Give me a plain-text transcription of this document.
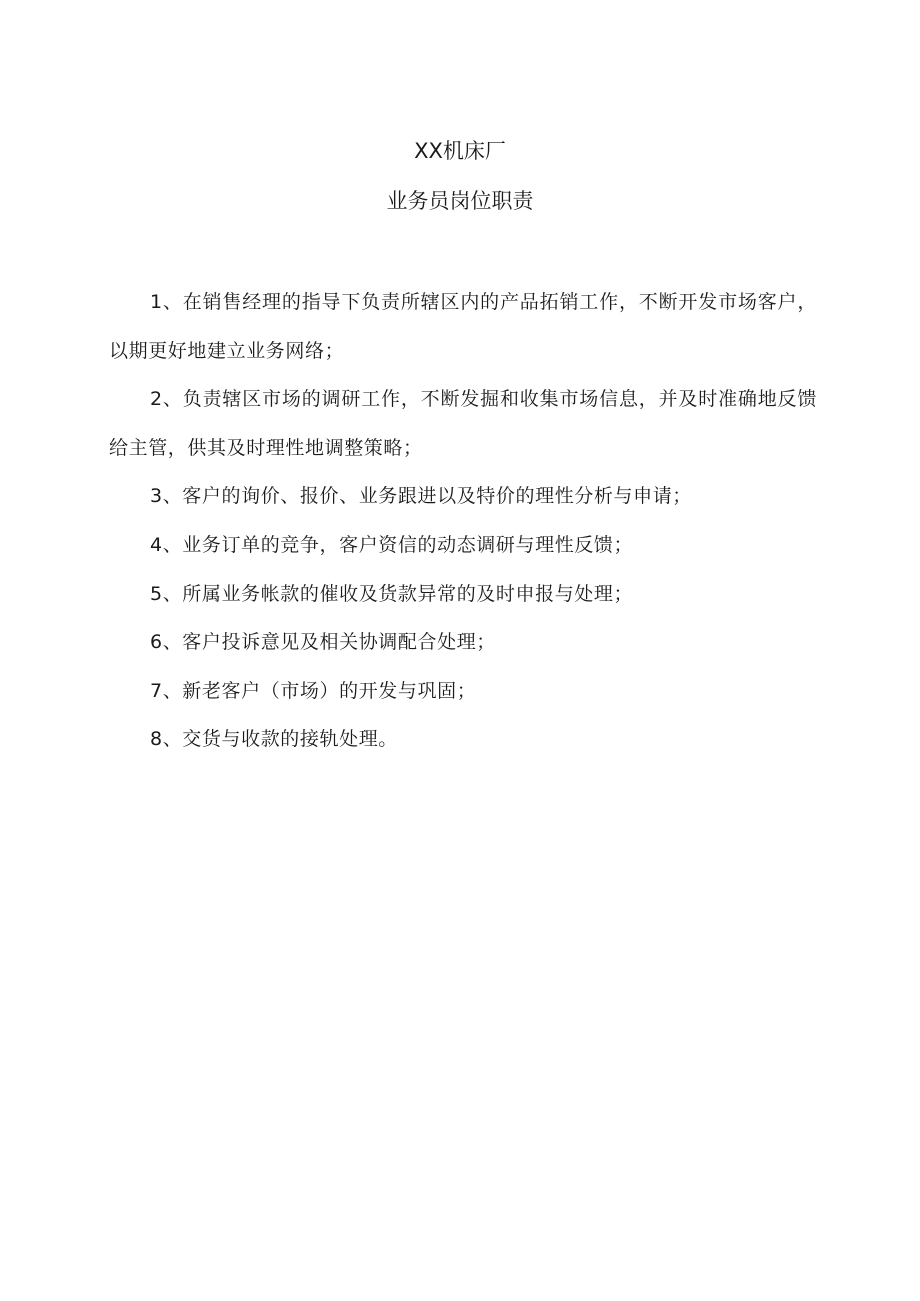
XX机床厂
业务员岗位职责

1、在销售经理的指导下负责所辖区内的产品拓销工作，不断开发市场客户，以期更好地建立业务网络；

2、负责辖区市场的调研工作，不断发掘和收集市场信息，并及时准确地反馈给主管，供其及时理性地调整策略；

3、客户的询价、报价、业务跟进以及特价的理性分析与申请；

4、业务订单的竞争，客户资信的动态调研与理性反馈；

5、所属业务帐款的催收及货款异常的及时申报与处理；

6、客户投诉意见及相关协调配合处理；

7、新老客户（市场）的开发与巩固；

8、交货与收款的接轨处理。
